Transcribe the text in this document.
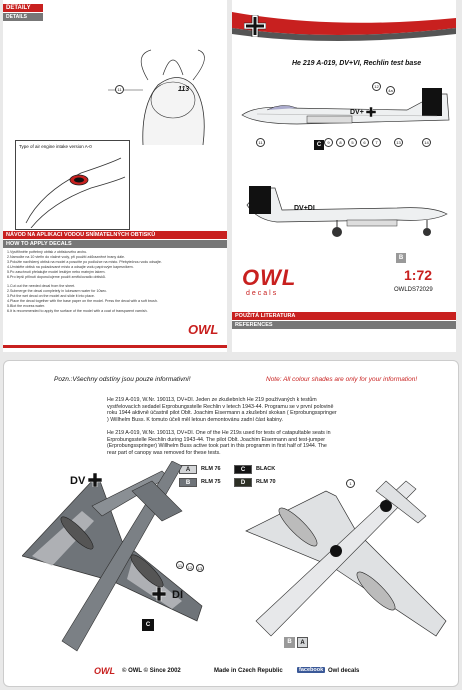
DETAILY
DETAILS
113
11
Type of air engine intake version A-0
NÁVOD NA APLIKACI VODOU SNÍMATELNÝCH OBTISKŮ
HOW TO APPLY DECALS
1.Vystřihněte potřebný obtisk z obtiskového archu.
2.Namočte na 10 vteřin do vlažné vody, při použití zdůrazněné hrany dále.
3.Položte navlhčený obtisk na model a posuňte po podložce na místo. Přebytečnou vodu odsajte.
4.Umístěte obtisk na požadované místo a odsajte vodu papírovým kapesníkem.
5.Po zaschnutí přelakujte model lesklým nebo matným lakem.
6.Pro lepší přilnutí doporučujeme použít změkčovadlo obtisků.
1.Cut out the needed decal from the sheet.
2.Submerge the decal completely in lukewarm water for 10sec.
3.Put the wet decal on the model and slide it into place.
4.Place the decal together with the base paper on the model. Press the decal with a soft brush.
5.Blot the excess water.
6.It is recommended to apply the surface of the model with a coat of transparent varnish.
OWL
He 219 A-019, DV+VI, Rechlin test base
DV+
12
4a
11	9	8	5	6	7	13	14
C
DV+DI
B
OWL
decals
1:72
OWLDS72029
POUŽITÁ LITERATURA
REFERENCES
Pozn.:Všechny odstíny jsou pouze informativní!	Note: All colour shades are only for your information!
He 219 A-019, W.Nr. 190113, DV+DI. Jeden ze zkušebních He 219 používaných k testům vystřelovacích sedadel Erprobungsstelle Rechlin v letech 1943-44. Programu se v první polovině roku 1944 aktivně účastnil pilot Oblt. Joachim Eisermann a zkušební skokan ( Erprobungsspringer ) Willhelm Buss. K tomuto účeli měl letoun demontovánu zadní část kabiny.
He 219 A-019, W.Nr. 190113, DV+DI. One of the He 219s used for tests of catapultable seats in Erprobungsstelle Rechlin during 1943-44. The pilot Oblt. Joachim Eisermann and test-jumper (Erprobungsspringer) Willhelm Buss active took part in this programm in first half of 1944. The rear part of canopy was removed for these tests.
A	RLM 76	C	BLACK
B	RLM 75	D	RLM 70
DV
DI
11	12	13
C
1
B	A
OWL © OWL © Since 2002	Made in Czech Republic	facebook Owl decals
